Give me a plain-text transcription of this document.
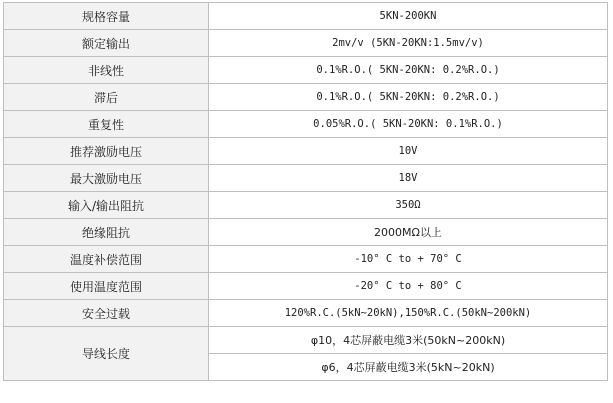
规格容量	5KN-200KN
额定输出	2mv/v (5KN-20KN:1.5mv/v)
非线性	0.1%R.O.( 5KN-20KN: 0.2%R.O.)
滞后	0.1%R.O.( 5KN-20KN: 0.2%R.O.)
重复性	0.05%R.O.( 5KN-20KN: 0.1%R.O.)
推荐激励电压	10V
最大激励电压	18V
输入/输出阻抗	350Ω
绝缘阻抗	2000MΩ以上
温度补偿范围	-10° C to + 70° C
使用温度范围	-20° C to + 80° C
安全过载	120%R.C.(5kN~20kN),150%R.C.(50kN~200kN)
导线长度	φ10，4芯屏蔽电缆3米(50kN~200kN)
	φ6，4芯屏蔽电缆3米(5kN~20kN)
